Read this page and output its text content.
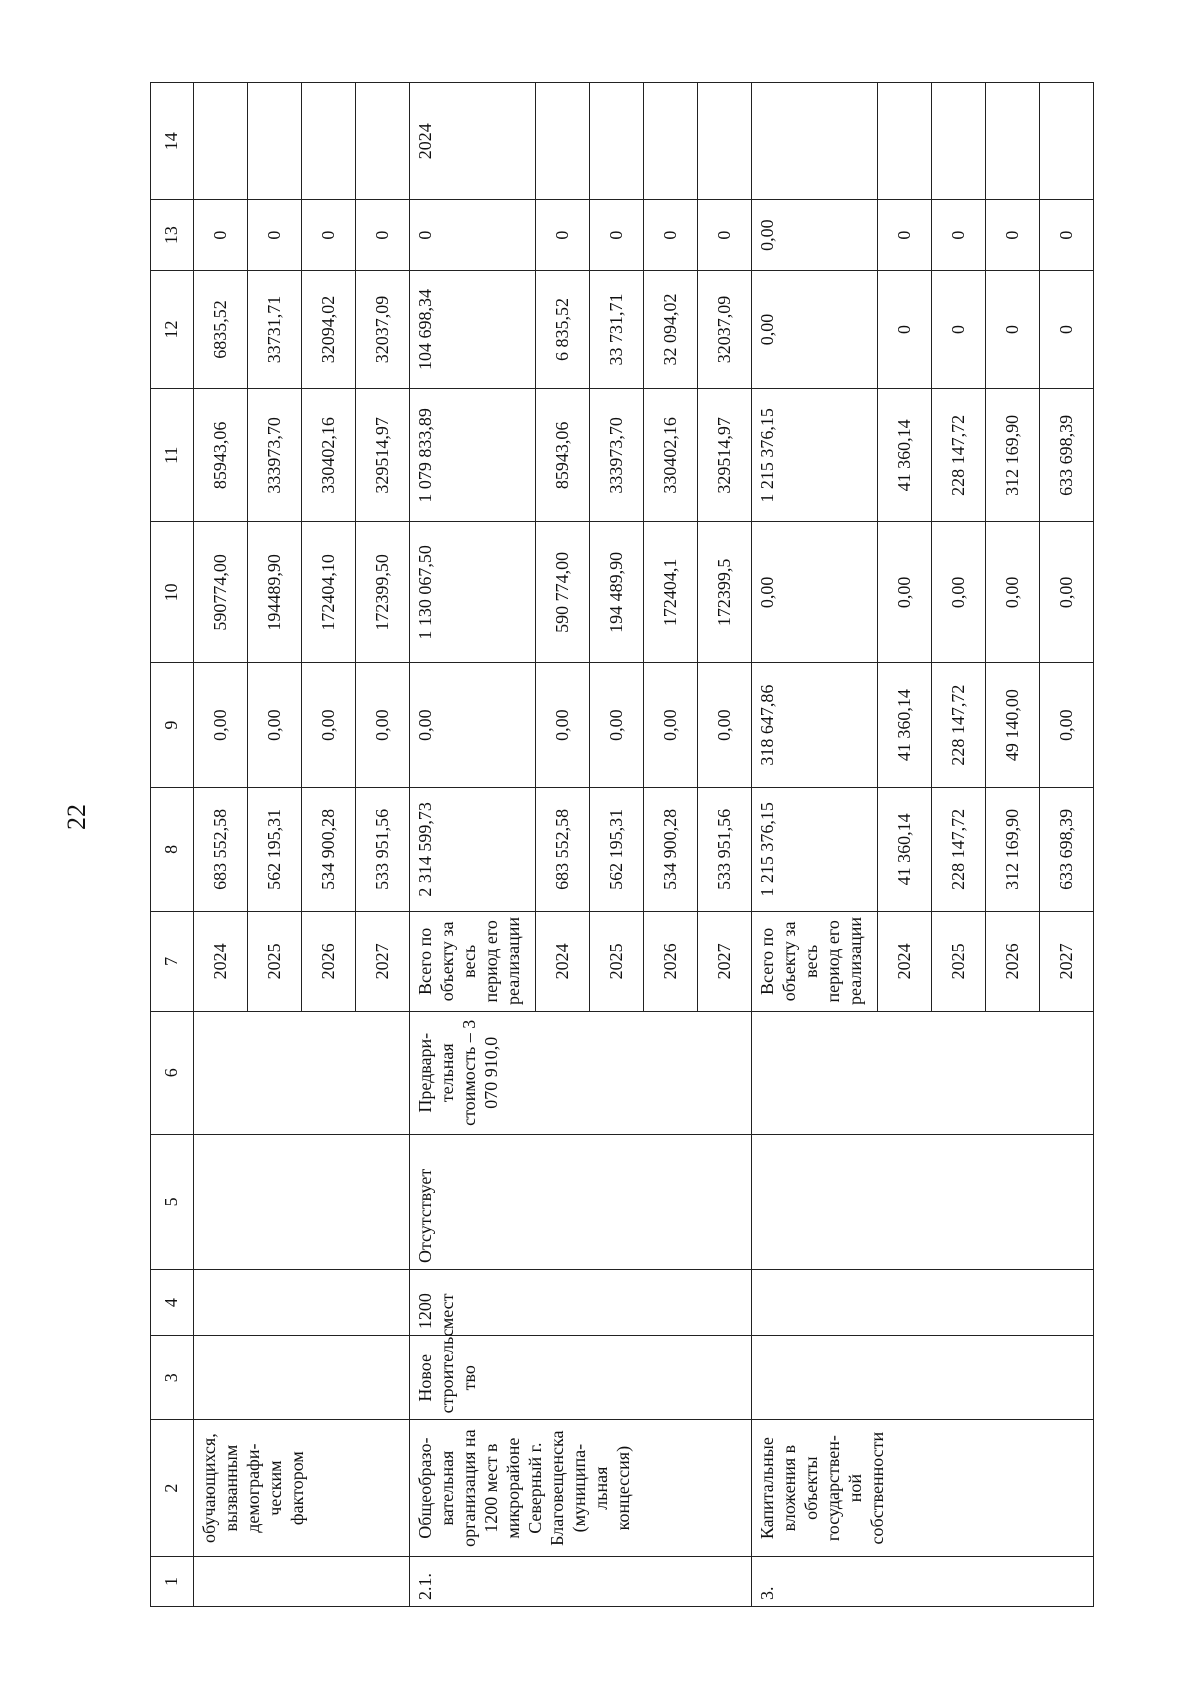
22
1	2	3	4	5	6	7	8	9	10	11	12	13	14
	обучающихся, вызванным демографи-ческим фактором					2024	683 552,58	0,00	590774,00	85943,06	6835,52	0	
						2025	562 195,31	0,00	194489,90	333973,70	33731,71	0	
						2026	534 900,28	0,00	172404,10	330402,16	32094,02	0	
						2027	533 951,56	0,00	172399,50	329514,97	32037,09	0	
2.1.	Общеобразо-вательная организация на 1200 мест в микрорайоне Северный г. Благовещенска (муниципа-льная концессия)	Новое строительс тво	1200 мест	Отсутствует	Предвари-тельная стоимость – 3 070 910,0	Всего по объекту за весь период его реализации	2 314 599,73	0,00	1 130 067,50	1 079 833,89	104 698,34	0	2024
						2024	683 552,58	0,00	590 774,00	85943,06	6 835,52	0	
						2025	562 195,31	0,00	194 489,90	333973,70	33 731,71	0	
						2026	534 900,28	0,00	172404,1	330402,16	32 094,02	0	
						2027	533 951,56	0,00	172399,5	329514,97	32037,09	0	
3.	Капитальные вложения в объекты государствен-ной собственности					Всего по объекту за весь период его реализации	1 215 376,15	318 647,86	0,00	1 215 376,15	0,00	0,00	
						2024	41 360,14	41 360,14	0,00	41 360,14	0	0	
						2025	228 147,72	228 147,72	0,00	228 147,72	0	0	
						2026	312 169,90	49 140,00	0,00	312 169,90	0	0	
						2027	633 698,39	0,00	0,00	633 698,39	0	0	
